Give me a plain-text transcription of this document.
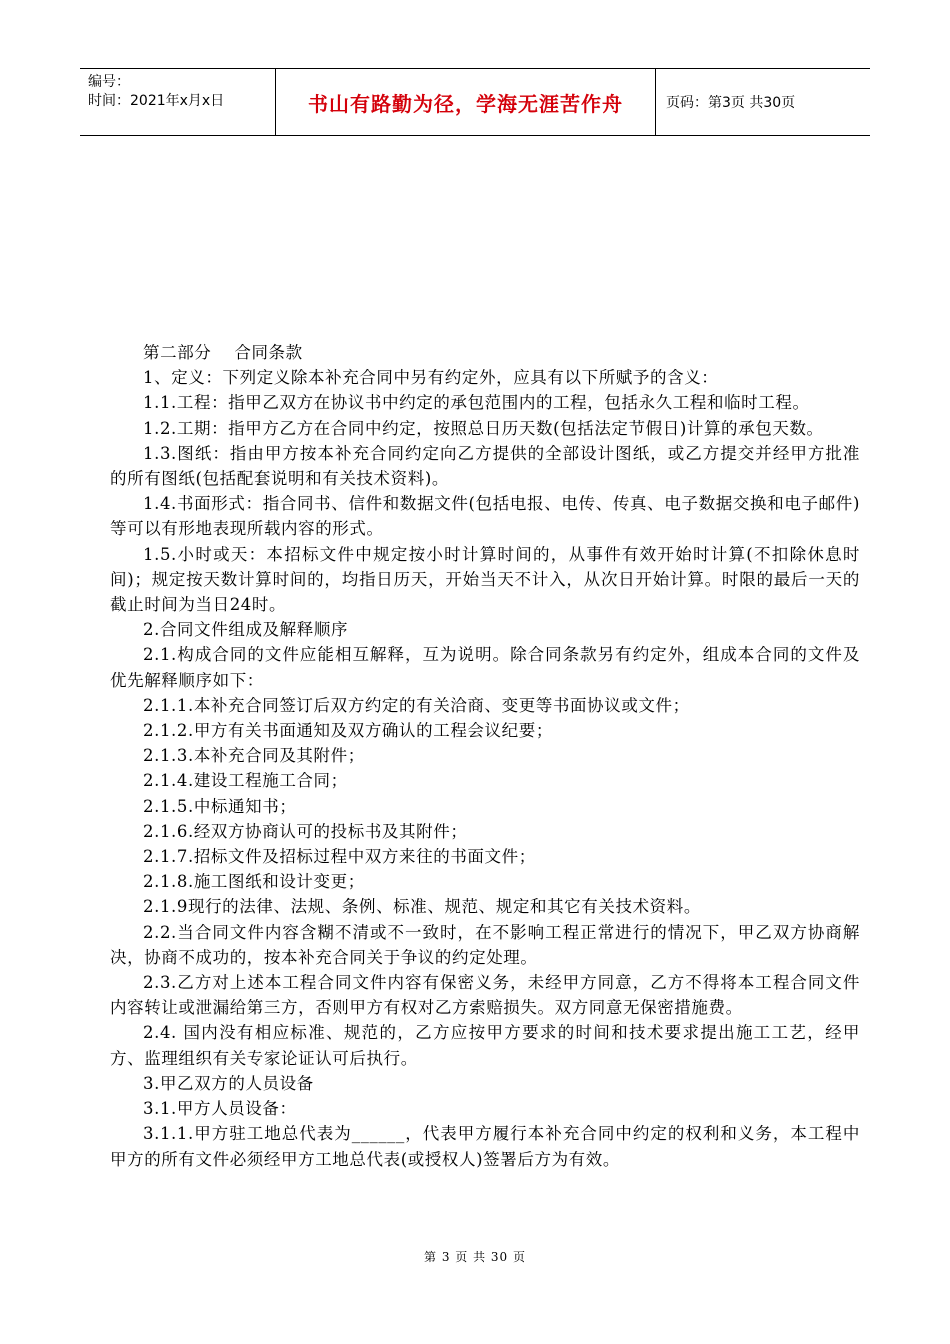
编号：
时间：2021年x月x日	书山有路勤为径，学海无涯苦作舟	页码：第3页 共30页

第二部分　 合同条款

1、定义：下列定义除本补充合同中另有约定外，应具有以下所赋予的含义：

1.1.工程：指甲乙双方在协议书中约定的承包范围内的工程，包括永久工程和临时工程。

1.2.工期：指甲方乙方在合同中约定，按照总日历天数(包括法定节假日)计算的承包天数。

1.3.图纸：指由甲方按本补充合同约定向乙方提供的全部设计图纸，或乙方提交并经甲方批准的所有图纸(包括配套说明和有关技术资料)。

1.4.书面形式：指合同书、信件和数据文件(包括电报、电传、传真、电子数据交换和电子邮件)等可以有形地表现所载内容的形式。

1.5.小时或天：本招标文件中规定按小时计算时间的，从事件有效开始时计算(不扣除休息时间)；规定按天数计算时间的，均指日历天，开始当天不计入，从次日开始计算。时限的最后一天的截止时间为当日24时。

2.合同文件组成及解释顺序

2.1.构成合同的文件应能相互解释，互为说明。除合同条款另有约定外，组成本合同的文件及优先解释顺序如下：

2.1.1.本补充合同签订后双方约定的有关洽商、变更等书面协议或文件；

2.1.2.甲方有关书面通知及双方确认的工程会议纪要；

2.1.3.本补充合同及其附件；

2.1.4.建设工程施工合同；

2.1.5.中标通知书；

2.1.6.经双方协商认可的投标书及其附件；

2.1.7.招标文件及招标过程中双方来往的书面文件；

2.1.8.施工图纸和设计变更；

2.1.9现行的法律、法规、条例、标准、规范、规定和其它有关技术资料。

2.2.当合同文件内容含糊不清或不一致时，在不影响工程正常进行的情况下，甲乙双方协商解决，协商不成功的，按本补充合同关于争议的约定处理。

2.3.乙方对上述本工程合同文件内容有保密义务，未经甲方同意，乙方不得将本工程合同文件内容转让或泄漏给第三方，否则甲方有权对乙方索赔损失。双方同意无保密措施费。

2.4. 国内没有相应标准、规范的，乙方应按甲方要求的时间和技术要求提出施工工艺，经甲方、监理组织有关专家论证认可后执行。

3.甲乙双方的人员设备

3.1.甲方人员设备：

3.1.1.甲方驻工地总代表为______，代表甲方履行本补充合同中约定的权利和义务，本工程中甲方的所有文件必须经甲方工地总代表(或授权人)签署后方为有效。

第 3 页 共 30 页
